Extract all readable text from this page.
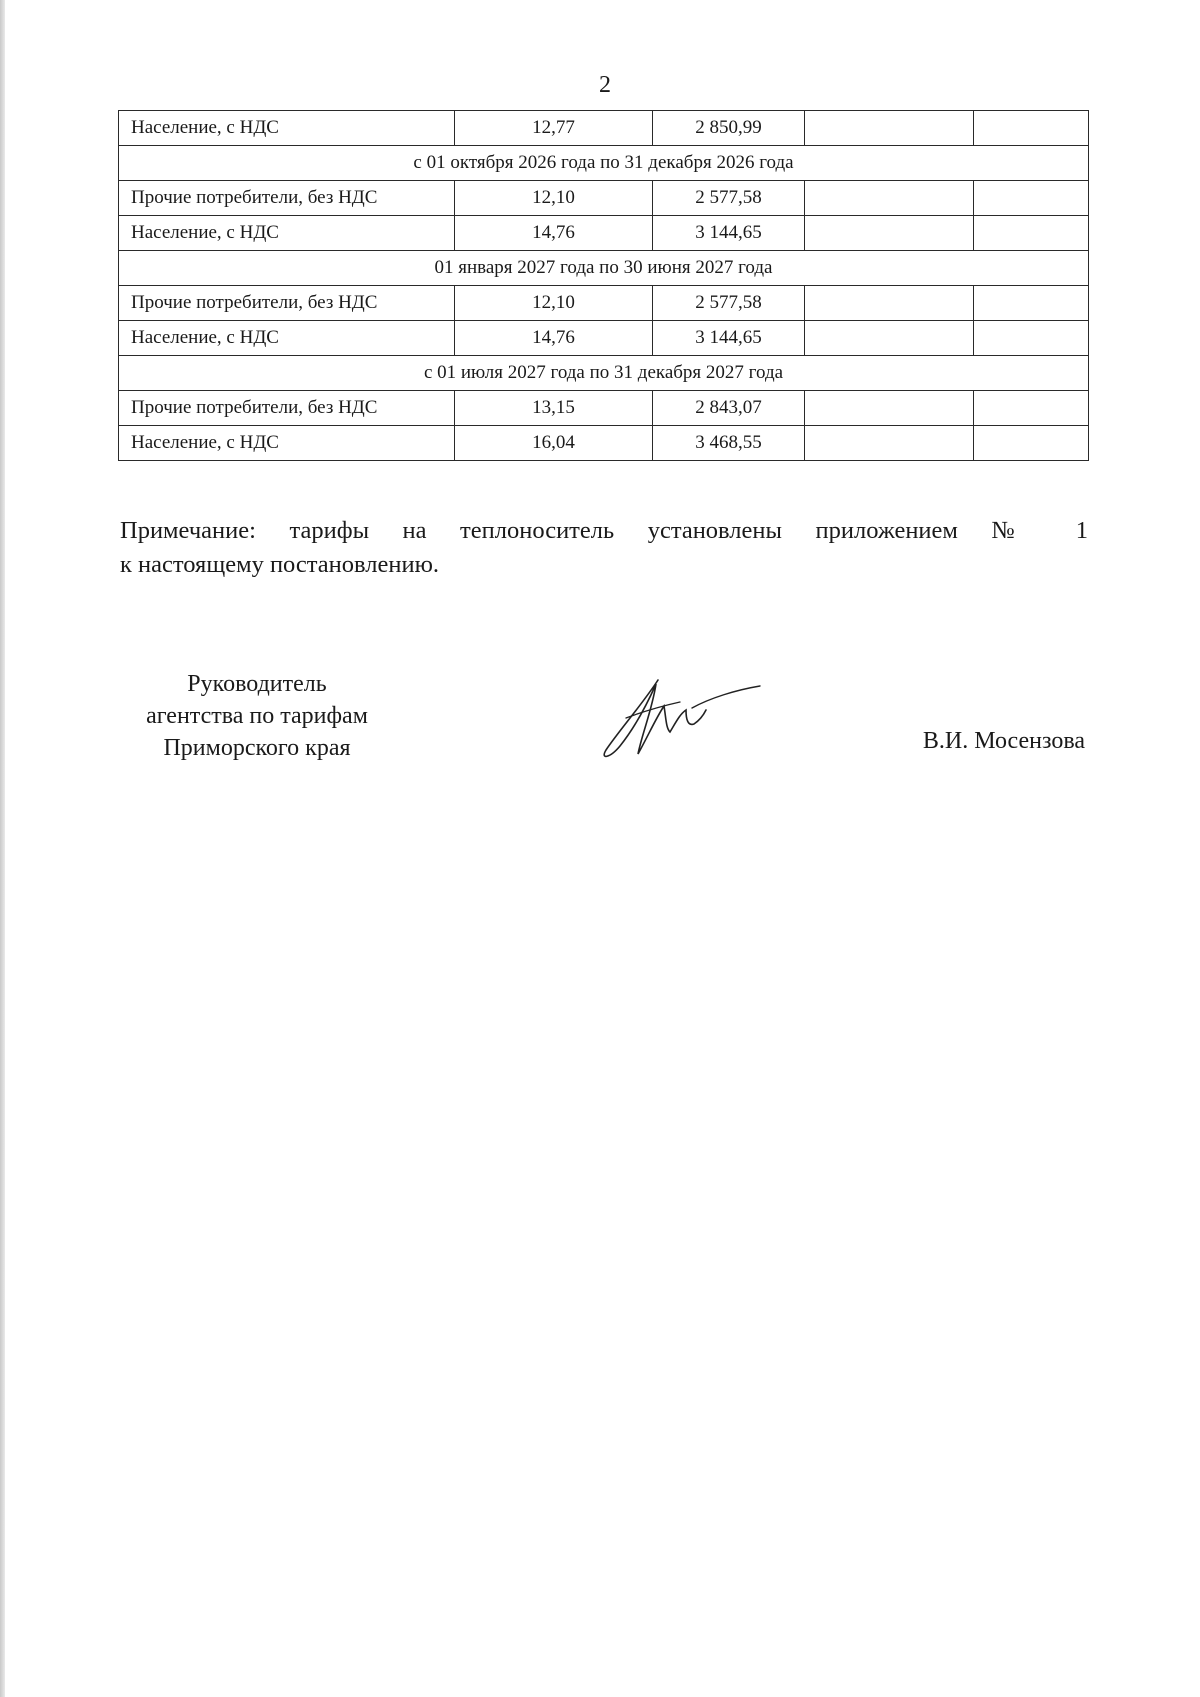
2
Население, с НДС	12,77	2 850,99		
с 01 октября 2026 года по 31 декабря 2026 года				
Прочие потребители, без НДС	12,10	2 577,58		
Население, с НДС	14,76	3 144,65		
01 января 2027 года по 30 июня 2027 года				
Прочие потребители, без НДС	12,10	2 577,58		
Население, с НДС	14,76	3 144,65		
с 01 июля 2027 года по 31 декабря 2027 года				
Прочие потребители, без НДС	13,15	2 843,07		
Население, с НДС	16,04	3 468,55		
Примечание: тарифы на теплоноситель установлены приложением № 1
к настоящему постановлению.
Руководитель
агентства по тарифам
Приморского края	В.И. Мосензова
